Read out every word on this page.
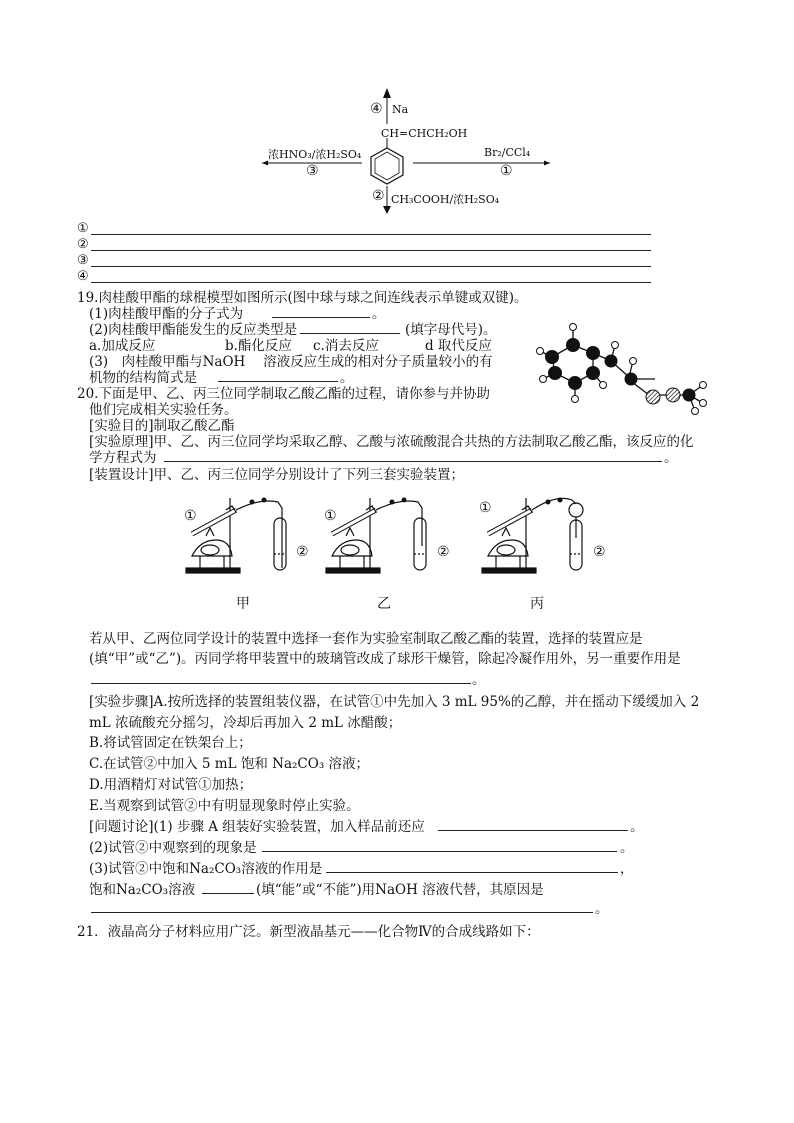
④ Na
CH=CHCH₂OH
浓HNO₃/浓H₂SO₄
③
Br₂/CCl₄
①
② CH₃COOH/浓H₂SO₄
①
②
③
④
19.肉桂酸甲酯的球棍模型如图所示(图中球与球之间连线表示单键或双键)。
(1)肉桂酸甲酯的分子式为	。
(2)肉桂酸甲酯能发生的反应类型是	(填字母代号)。
a.加成反应	b.酯化反应 c.消去反应	d 取代反应
(3)　肉桂酸甲酯与NaOH　 溶液反应生成的相对分子质量较小的有
机物的结构简式是	。
20.下面是甲、乙、丙三位同学制取乙酸乙酯的过程，请你参与并协助
他们完成相关实验任务。
[实验目的]制取乙酸乙酯
[实验原理]甲、乙、丙三位同学均采取乙醇、乙酸与浓硫酸混合共热的方法制取乙酸乙酯，该反应的化
学方程式为	。
[装置设计]甲、乙、丙三位同学分别设计了下列三套实验装置；
①
②
①
②
①
②
甲	乙	丙
若从甲、乙两位同学设计的装置中选择一套作为实验室制取乙酸乙酯的装置，选择的装置应是
(填“甲”或“乙”)。丙同学将甲装置中的玻璃管改成了球形干燥管，除起冷凝作用外，另一重要作用是
。
[实验步骤]A.按所选择的装置组装仪器，在试管①中先加入 3 mL 95%的乙醇，并在摇动下缓缓加入 2
mL 浓硫酸充分摇匀，冷却后再加入 2 mL 冰醋酸；
B.将试管固定在铁架台上；
C.在试管②中加入 5 mL 饱和 Na₂CO₃ 溶液；
D.用酒精灯对试管①加热；
E.当观察到试管②中有明显现象时停止实验。
[问题讨论](1) 步骤 A 组装好实验装置，加入样品前还应	。
(2)试管②中观察到的现象是	。
(3)试管②中饱和Na₂CO₃溶液的作用是	，
饱和Na₂CO₃溶液	(填“能”或“不能”)用NaOH 溶液代替，其原因是
。
21．液晶高分子材料应用广泛。新型液晶基元——化合物Ⅳ的合成线路如下：
